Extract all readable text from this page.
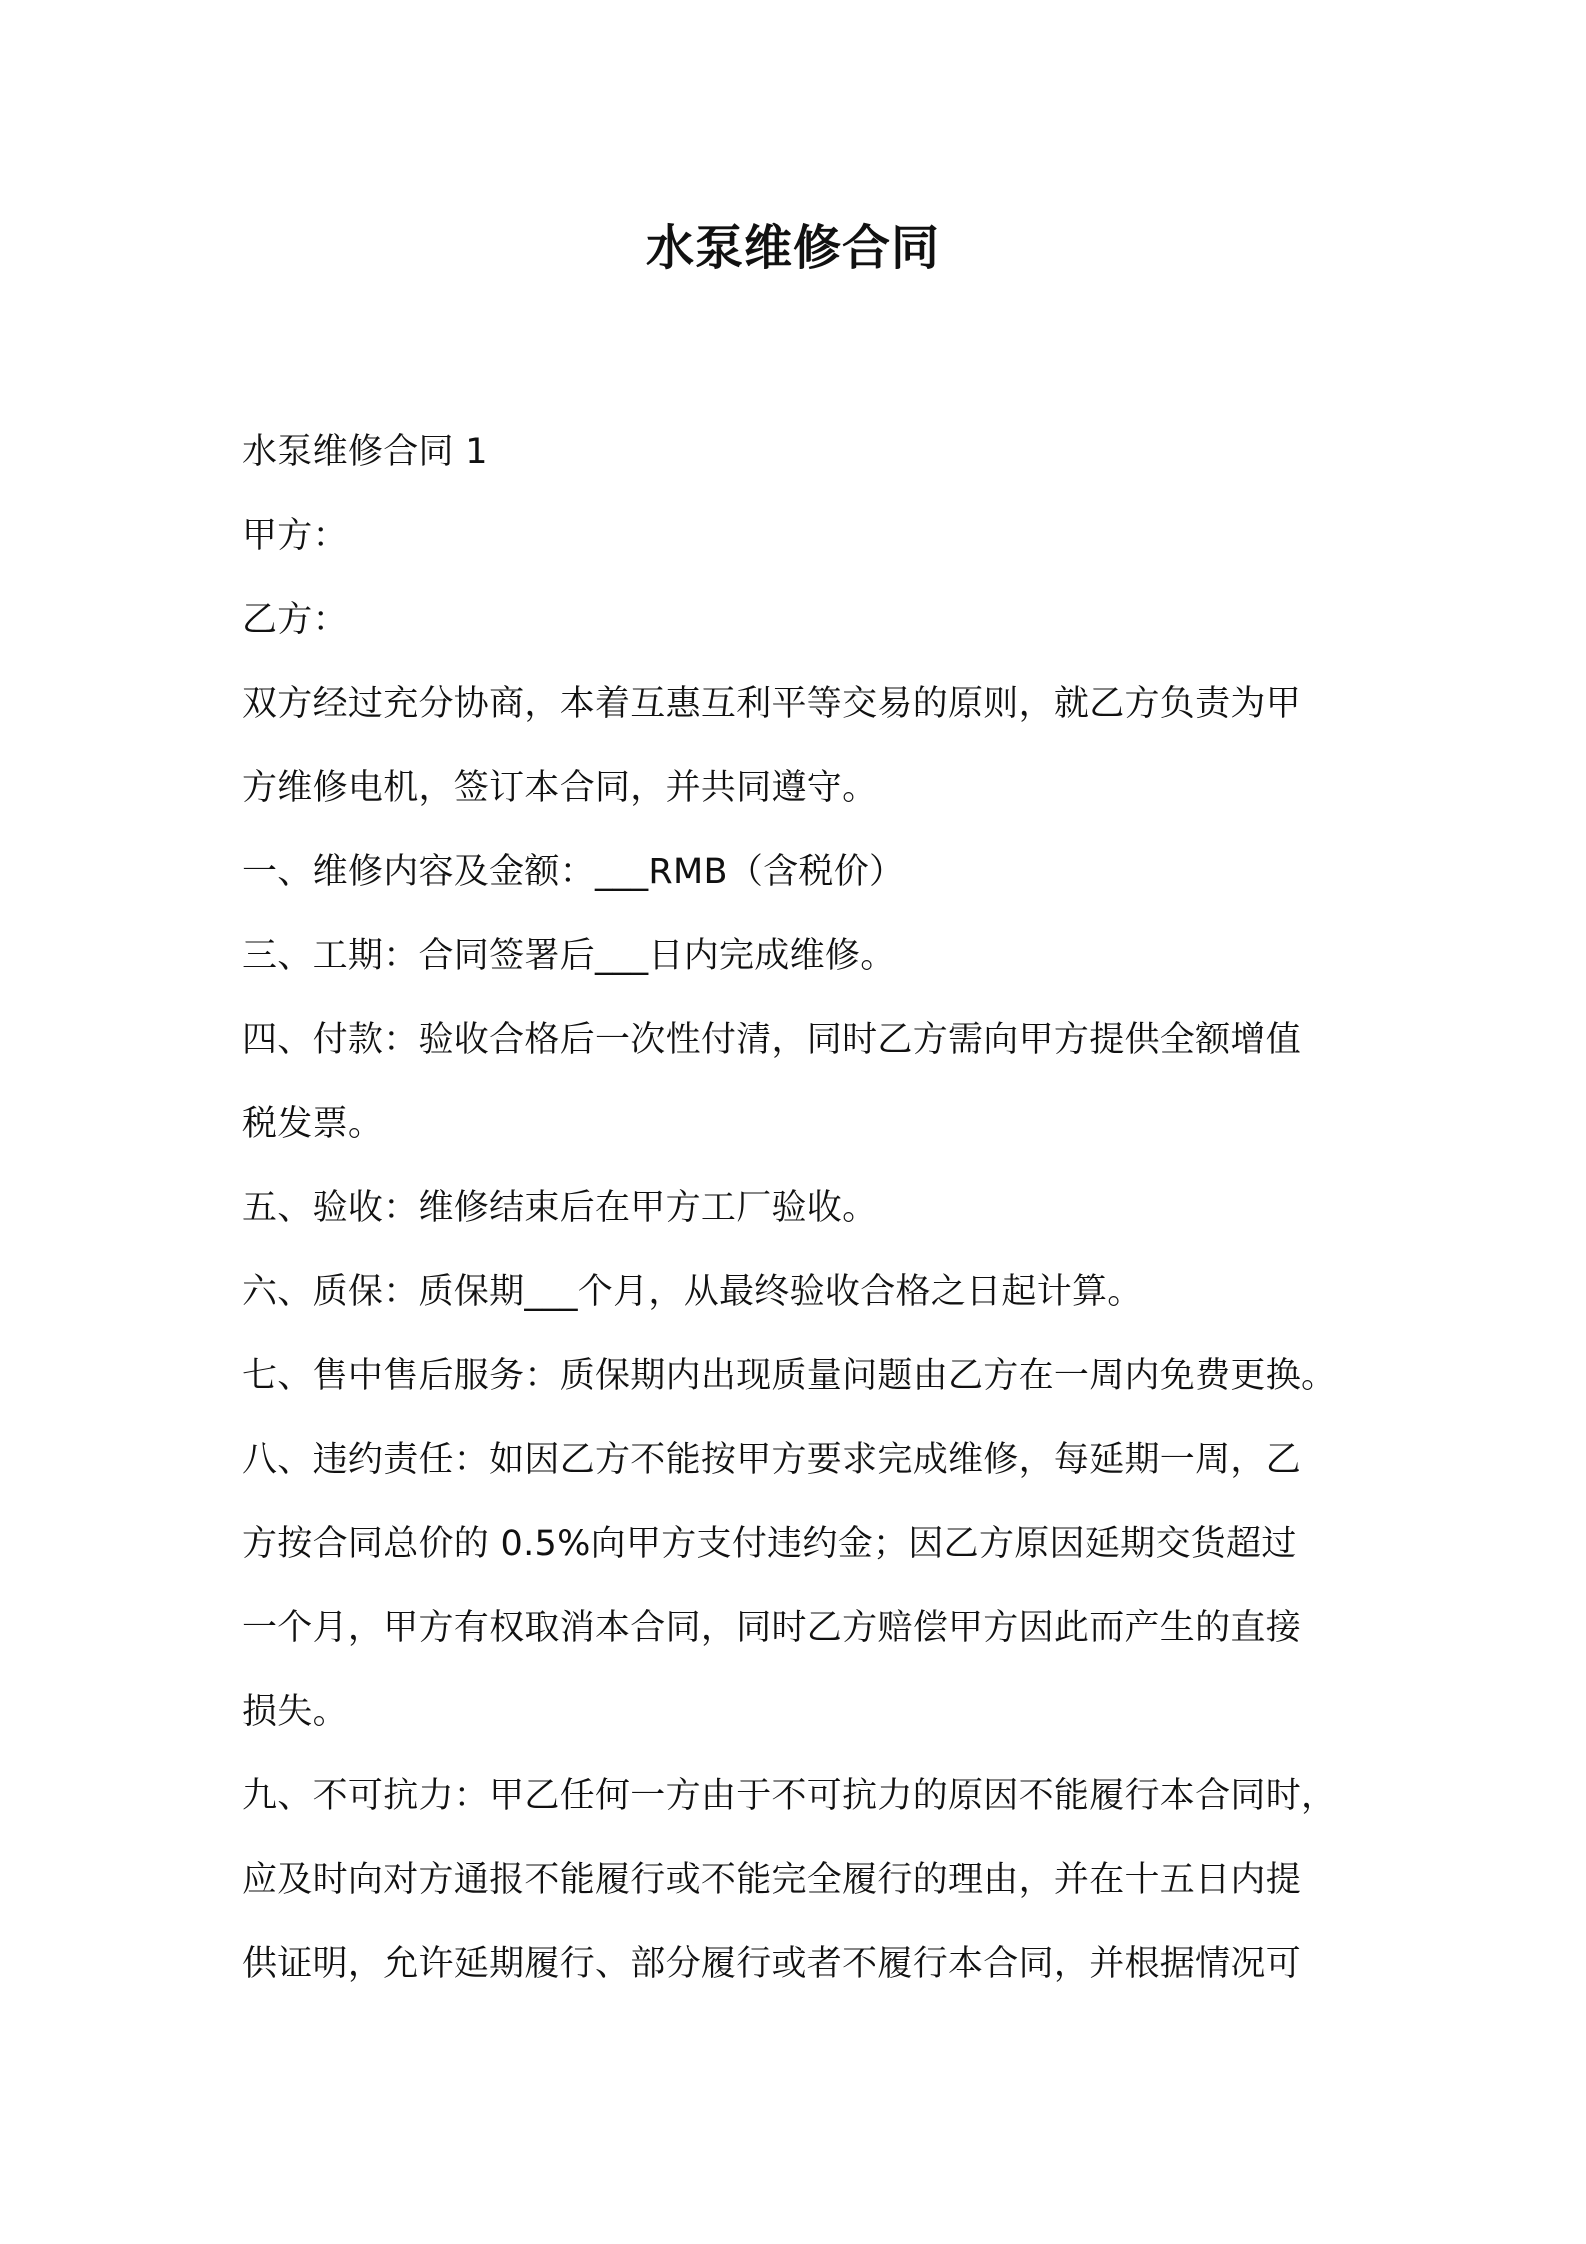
水泵维修合同

水泵维修合同 1

甲方：

乙方：

双方经过充分协商，本着互惠互利平等交易的原则，就乙方负责为甲

方维修电机，签订本合同，并共同遵守。

一、维修内容及金额：___RMB（含税价）

三、工期：合同签署后___日内完成维修。

四、付款：验收合格后一次性付清，同时乙方需向甲方提供全额增值

税发票。

五、验收：维修结束后在甲方工厂验收。

六、质保：质保期___个月，从最终验收合格之日起计算。

七、售中售后服务：质保期内出现质量问题由乙方在一周内免费更换。

八、违约责任：如因乙方不能按甲方要求完成维修，每延期一周，乙

方按合同总价的 0.5%向甲方支付违约金；因乙方原因延期交货超过

一个月，甲方有权取消本合同，同时乙方赔偿甲方因此而产生的直接

损失。

九、不可抗力：甲乙任何一方由于不可抗力的原因不能履行本合同时，

应及时向对方通报不能履行或不能完全履行的理由，并在十五日内提

供证明，允许延期履行、部分履行或者不履行本合同，并根据情况可
